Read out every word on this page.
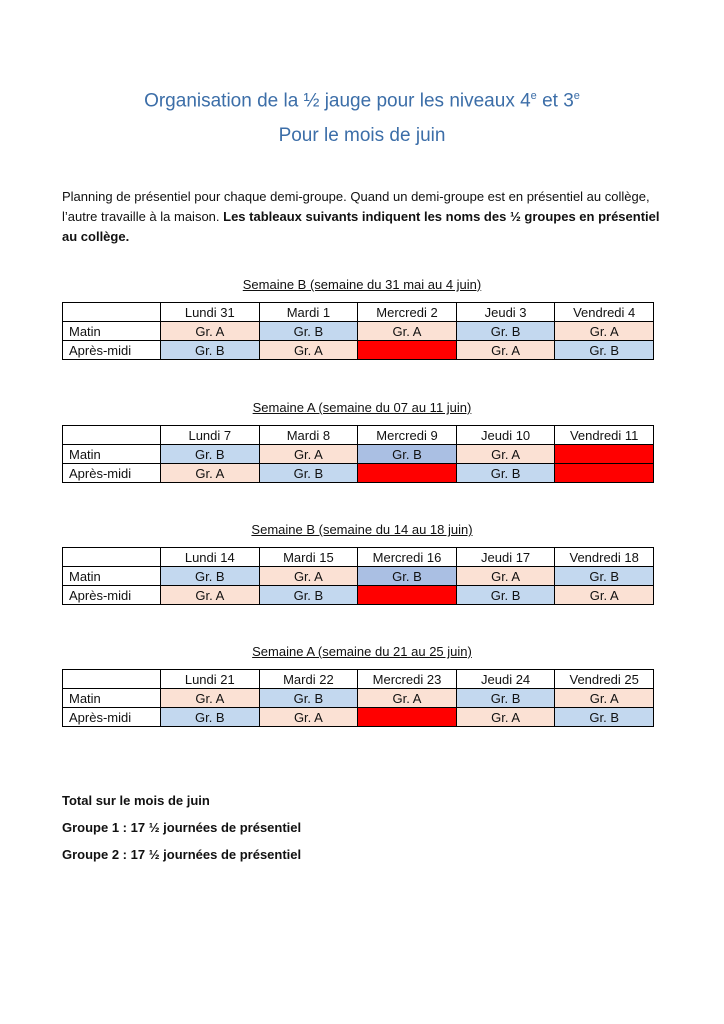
Organisation de la ½ jauge pour les niveaux 4e et 3e
Pour le mois de juin

Planning de présentiel pour chaque demi-groupe. Quand un demi-groupe est en présentiel au collège, l’autre travaille à la maison. Les tableaux suivants indiquent les noms des ½ groupes en présentiel au collège.

Semaine B (semaine du 31 mai au 4 juin)

	Lundi 31	Mardi 1	Mercredi 2	Jeudi 3	Vendredi 4
Matin	Gr. A	Gr. B	Gr. A	Gr. B	Gr. A
Après-midi	Gr. B	Gr. A		Gr. A	Gr. B

Semaine A (semaine du 07 au 11 juin)

	Lundi 7	Mardi 8	Mercredi 9	Jeudi 10	Vendredi 11
Matin	Gr. B	Gr. A	Gr. B	Gr. A	
Après-midi	Gr. A	Gr. B		Gr. B	

Semaine B (semaine du 14 au 18 juin)

	Lundi 14	Mardi 15	Mercredi 16	Jeudi 17	Vendredi 18
Matin	Gr. B	Gr. A	Gr. B	Gr. A	Gr. B
Après-midi	Gr. A	Gr. B		Gr. B	Gr. A

Semaine A (semaine du 21 au 25 juin)

	Lundi 21	Mardi 22	Mercredi 23	Jeudi 24	Vendredi 25
Matin	Gr. A	Gr. B	Gr. A	Gr. B	Gr. A
Après-midi	Gr. B	Gr. A		Gr. A	Gr. B

Total sur le mois de juin

Groupe 1 : 17 ½ journées de présentiel

Groupe 2 : 17 ½ journées de présentiel
